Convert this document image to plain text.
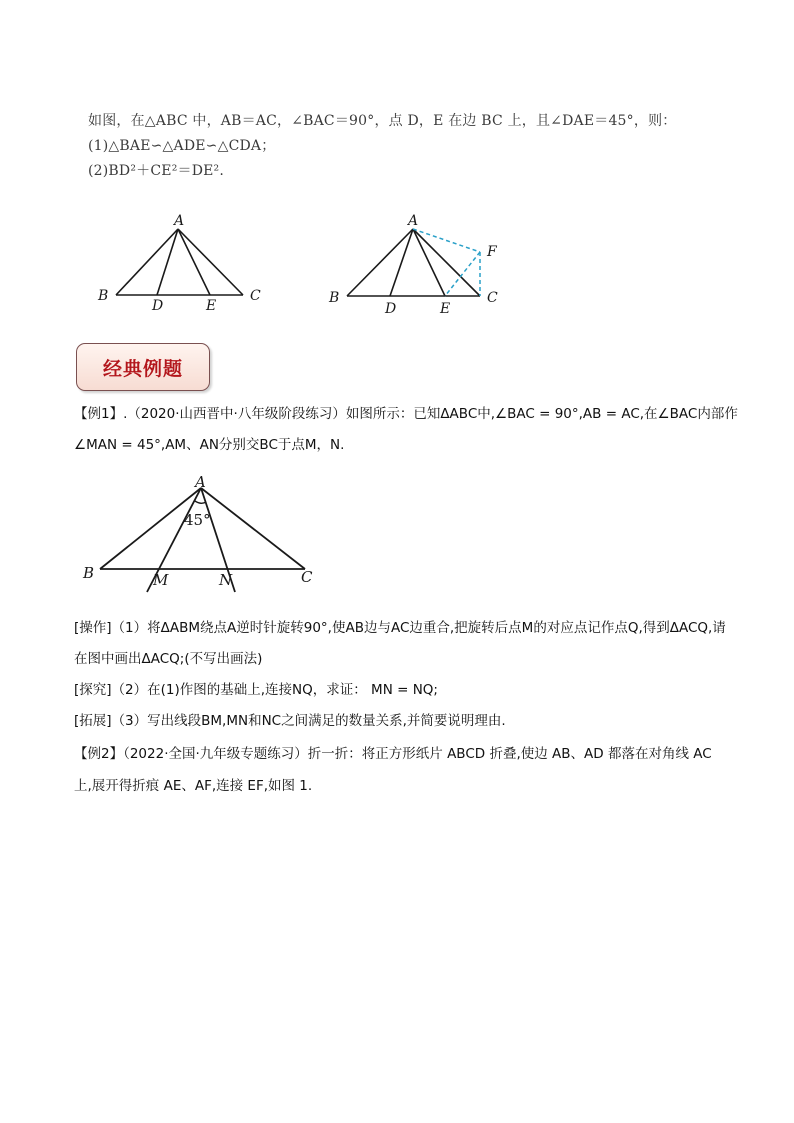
如图，在△ABC 中，AB＝AC，∠BAC＝90°，点 D，E 在边 BC 上，且∠DAE＝45°，则：
(1)△BAE∽△ADE∽△CDA；
(2)BD²＋CE²＝DE².
A
B	C
D	E
A
B	C
D	E
F
经典例题
【例1】.（2020·山西晋中·八年级阶段练习）如图所示：已知ΔABC中,∠BAC = 90°,AB = AC,在∠BAC内部作
∠MAN = 45°,AM、AN分别交BC于点M，N.
A
B	C
M	N
45°
[操作]（1）将ΔABM绕点A逆时针旋转90°,使AB边与AC边重合,把旋转后点M的对应点记作点Q,得到ΔACQ,请
在图中画出ΔACQ;(不写出画法)
[探究]（2）在(1)作图的基础上,连接NQ，求证： MN = NQ;
[拓展]（3）写出线段BM,MN和NC之间满足的数量关系,并简要说明理由.
【例2】（2022·全国·九年级专题练习）折一折：将正方形纸片 ABCD 折叠,使边 AB、AD 都落在对角线 AC
上,展开得折痕 AE、AF,连接 EF,如图 1.
